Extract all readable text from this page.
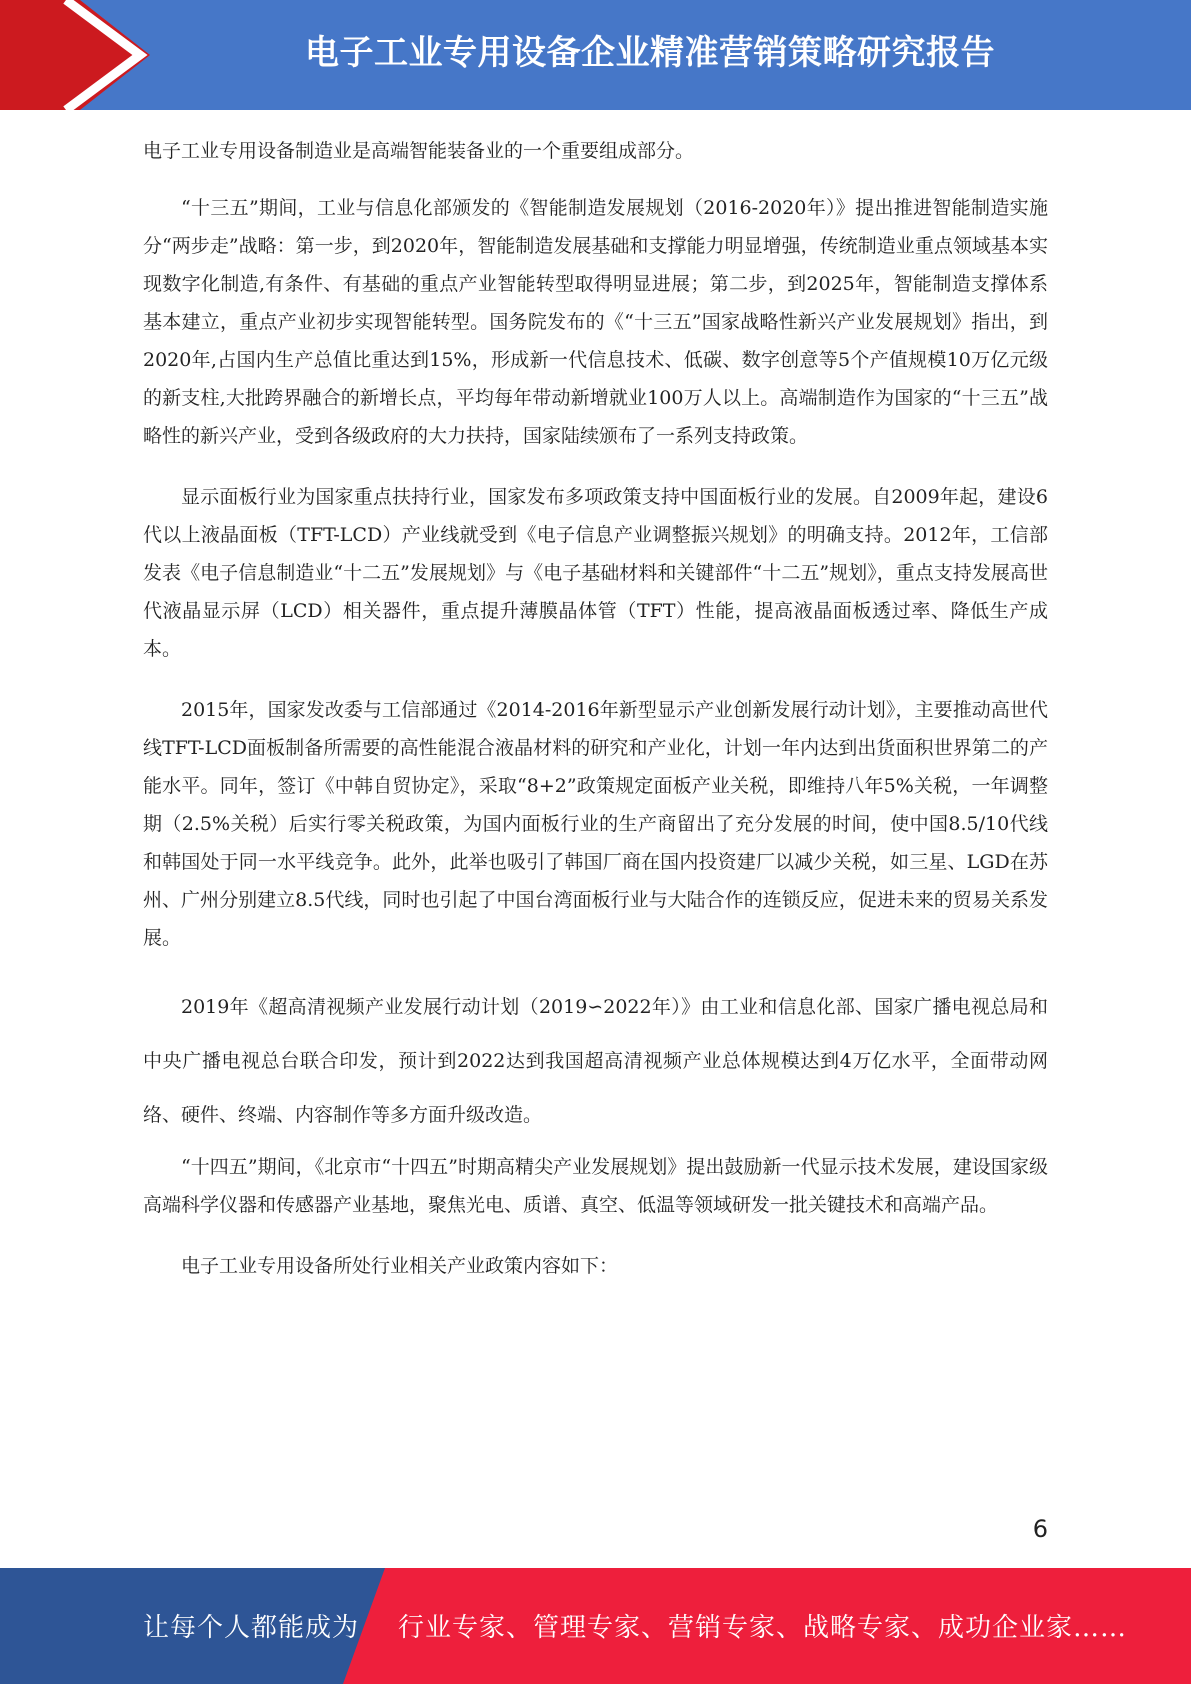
电子工业专用设备企业精准营销策略研究报告

电子工业专用设备制造业是高端智能装备业的一个重要组成部分。

“十三五”期间，工业与信息化部颁发的《智能制造发展规划（2016-2020年）》提出推进智能制造实施分“两步走”战略：第一步，到2020年，智能制造发展基础和支撑能力明显增强，传统制造业重点领域基本实现数字化制造,有条件、有基础的重点产业智能转型取得明显进展；第二步，到2025年，智能制造支撑体系基本建立，重点产业初步实现智能转型。国务院发布的《“十三五”国家战略性新兴产业发展规划》指出，到2020年,占国内生产总值比重达到15%，形成新一代信息技术、低碳、数字创意等5个产值规模10万亿元级的新支柱,大批跨界融合的新增长点，平均每年带动新增就业100万人以上。高端制造作为国家的“十三五”战略性的新兴产业，受到各级政府的大力扶持，国家陆续颁布了一系列支持政策。

显示面板行业为国家重点扶持行业，国家发布多项政策支持中国面板行业的发展。自2009年起，建设6代以上液晶面板（TFT-LCD）产业线就受到《电子信息产业调整振兴规划》的明确支持。2012年，工信部发表《电子信息制造业“十二五”发展规划》与《电子基础材料和关键部件“十二五”规划》，重点支持发展高世代液晶显示屏（LCD）相关器件，重点提升薄膜晶体管（TFT）性能，提高液晶面板透过率、降低生产成本。

2015年，国家发改委与工信部通过《2014-2016年新型显示产业创新发展行动计划》，主要推动高世代线TFT-LCD面板制备所需要的高性能混合液晶材料的研究和产业化，计划一年内达到出货面积世界第二的产能水平。同年，签订《中韩自贸协定》，采取“8+2”政策规定面板产业关税，即维持八年5%关税，一年调整期（2.5%关税）后实行零关税政策，为国内面板行业的生产商留出了充分发展的时间，使中国8.5/10代线和韩国处于同一水平线竞争。此外，此举也吸引了韩国厂商在国内投资建厂以减少关税，如三星、LGD在苏州、广州分别建立8.5代线，同时也引起了中国台湾面板行业与大陆合作的连锁反应，促进未来的贸易关系发展。

2019年《超高清视频产业发展行动计划（2019∽2022年）》由工业和信息化部、国家广播电视总局和中央广播电视总台联合印发，预计到2022达到我国超高清视频产业总体规模达到4万亿水平，全面带动网络、硬件、终端、内容制作等多方面升级改造。

“十四五”期间，《北京市“十四五”时期高精尖产业发展规划》提出鼓励新一代显示技术发展，建设国家级高端科学仪器和传感器产业基地，聚焦光电、质谱、真空、低温等领域研发一批关键技术和高端产品。

电子工业专用设备所处行业相关产业政策内容如下：

6
让每个人都能成为 行业专家、管理专家、营销专家、战略专家、成功企业家……
